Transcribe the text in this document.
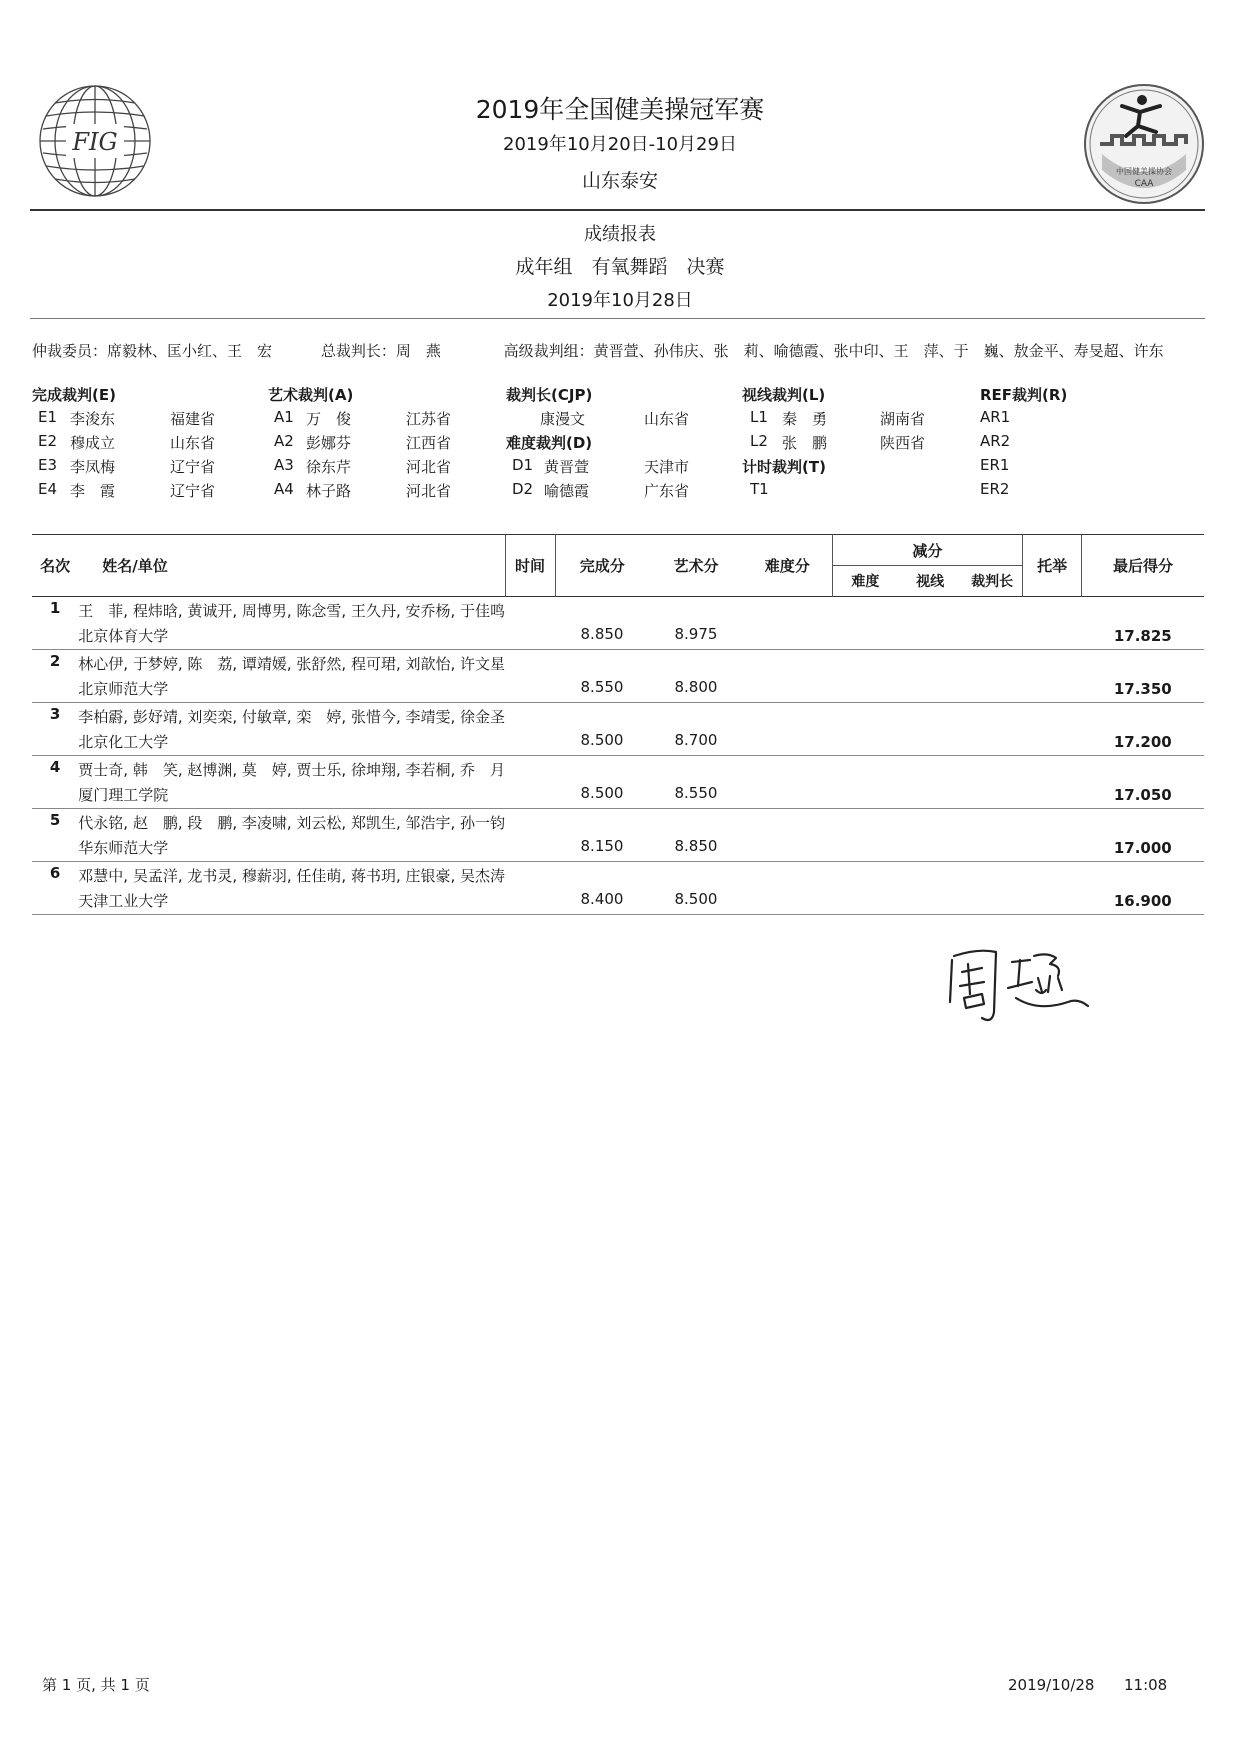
FIG
中国健美操协会
CAA
2019年全国健美操冠军赛
2019年10月20日-10月29日
山东泰安
成绩报表
成年组　有氧舞蹈　决赛
2019年10月28日
仲裁委员：席毅林、匡小红、王　宏	总裁判长：周　燕	高级裁判组：黄晋萱、孙伟庆、张　莉、喻德霞、张中印、王　萍、于　巍、敖金平、寿旻超、许东
完成裁判(E)
E1 李浚东	福建省
E2 穆成立	山东省
E3 李凤梅	辽宁省
E4 李　霞	辽宁省
艺术裁判(A)
A1 万　俊	江苏省
A2 彭娜芬	江西省
A3 徐东芹	河北省
A4 林子路	河北省
裁判长(CJP)
康漫文	山东省
难度裁判(D)
D1 黄晋萱	天津市
D2 喻德霞	广东省
视线裁判(L)
L1 秦　勇	湖南省
L2 张　鹏	陕西省
计时裁判(T)
T1
REF裁判(R)
AR1
AR2
ER1
ER2
名次	姓名/单位	时间	完成分	艺术分	难度分	减分			托举	最后得分
						难度	视线	裁判长		
1	王　菲, 程炜晗, 黄诚开, 周博男, 陈念雪, 王久丹, 安乔杨, 于佳鸣
北京体育大学		8.850	8.975						17.825
2	林心伊, 于梦婷, 陈　荔, 谭靖媛, 张舒然, 程可珺, 刘歆怡, 许文星
北京师范大学		8.550	8.800						17.350
3	李柏霨, 彭妤靖, 刘奕栾, 付敏章, 栾　婷, 张惜今, 李靖雯, 徐金圣
北京化工大学		8.500	8.700						17.200
4	贾士奇, 韩　笑, 赵博渊, 莫　婷, 贾士乐, 徐坤翔, 李若桐, 乔　月
厦门理工学院		8.500	8.550						17.050
5	代永铭, 赵　鹏, 段　鹏, 李凌啸, 刘云松, 郑凯生, 邹浩宇, 孙一钧
华东师范大学		8.150	8.850						17.000
6	邓慧中, 吴孟洋, 龙书灵, 穆薪羽, 任佳萌, 蒋书玥, 庄银豪, 吴杰涛
天津工业大学		8.400	8.500						16.900
第 1 页, 共 1 页	2019/10/28 11:08
